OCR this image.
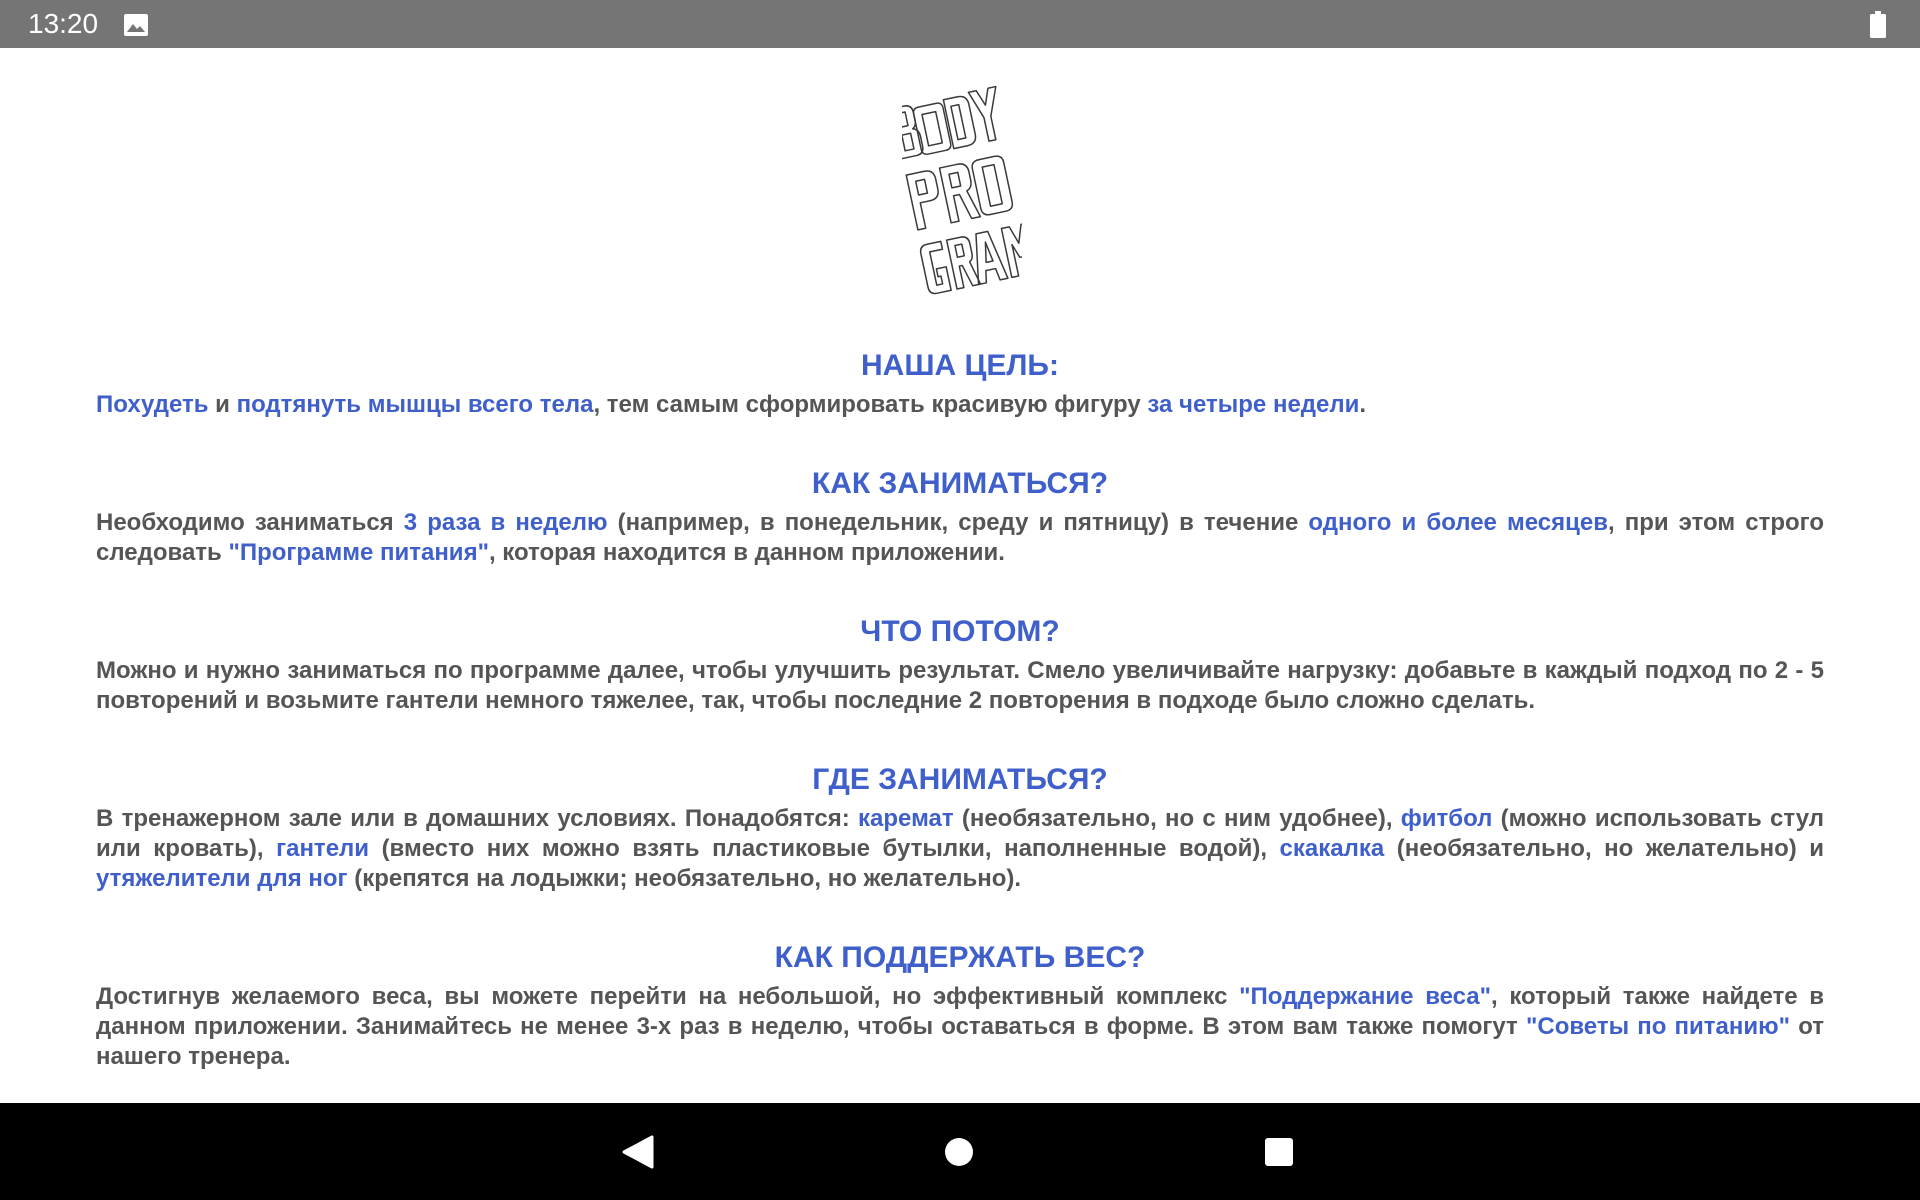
13:20
НАША ЦЕЛЬ:

Похудеть и подтянуть мышцы всего тела, тем самым сформировать красивую фигуру за четыре недели.

КАК ЗАНИМАТЬСЯ?

Необходимо заниматься 3 раза в неделю (например, в понедельник, среду и пятницу) в течение одного и более месяцев, при этом строго следовать "Программе питания", которая находится в данном приложении.

ЧТО ПОТОМ?

Можно и нужно заниматься по программе далее, чтобы улучшить результат. Смело увеличивайте нагрузку: добавьте в каждый подход по 2 - 5 повторений и возьмите гантели немного тяжелее, так, чтобы последние 2 повторения в подходе было сложно сделать.

ГДЕ ЗАНИМАТЬСЯ?

В тренажерном зале или в домашних условиях. Понадобятся: каремат (необязательно, но с ним удобнее), фитбол (можно использовать стул или кровать), гантели (вместо них можно взять пластиковые бутылки, наполненные водой), скакалка (необязательно, но желательно) и утяжелители для ног (крепятся на лодыжки; необязательно, но желательно).

КАК ПОДДЕРЖАТЬ ВЕС?

Достигнув желаемого веса, вы можете перейти на небольшой, но эффективный комплекс "Поддержание веса", который также найдете в данном приложении. Занимайтесь не менее 3-х раз в неделю, чтобы оставаться в форме. В этом вам также помогут "Советы по питанию" от нашего тренера.
